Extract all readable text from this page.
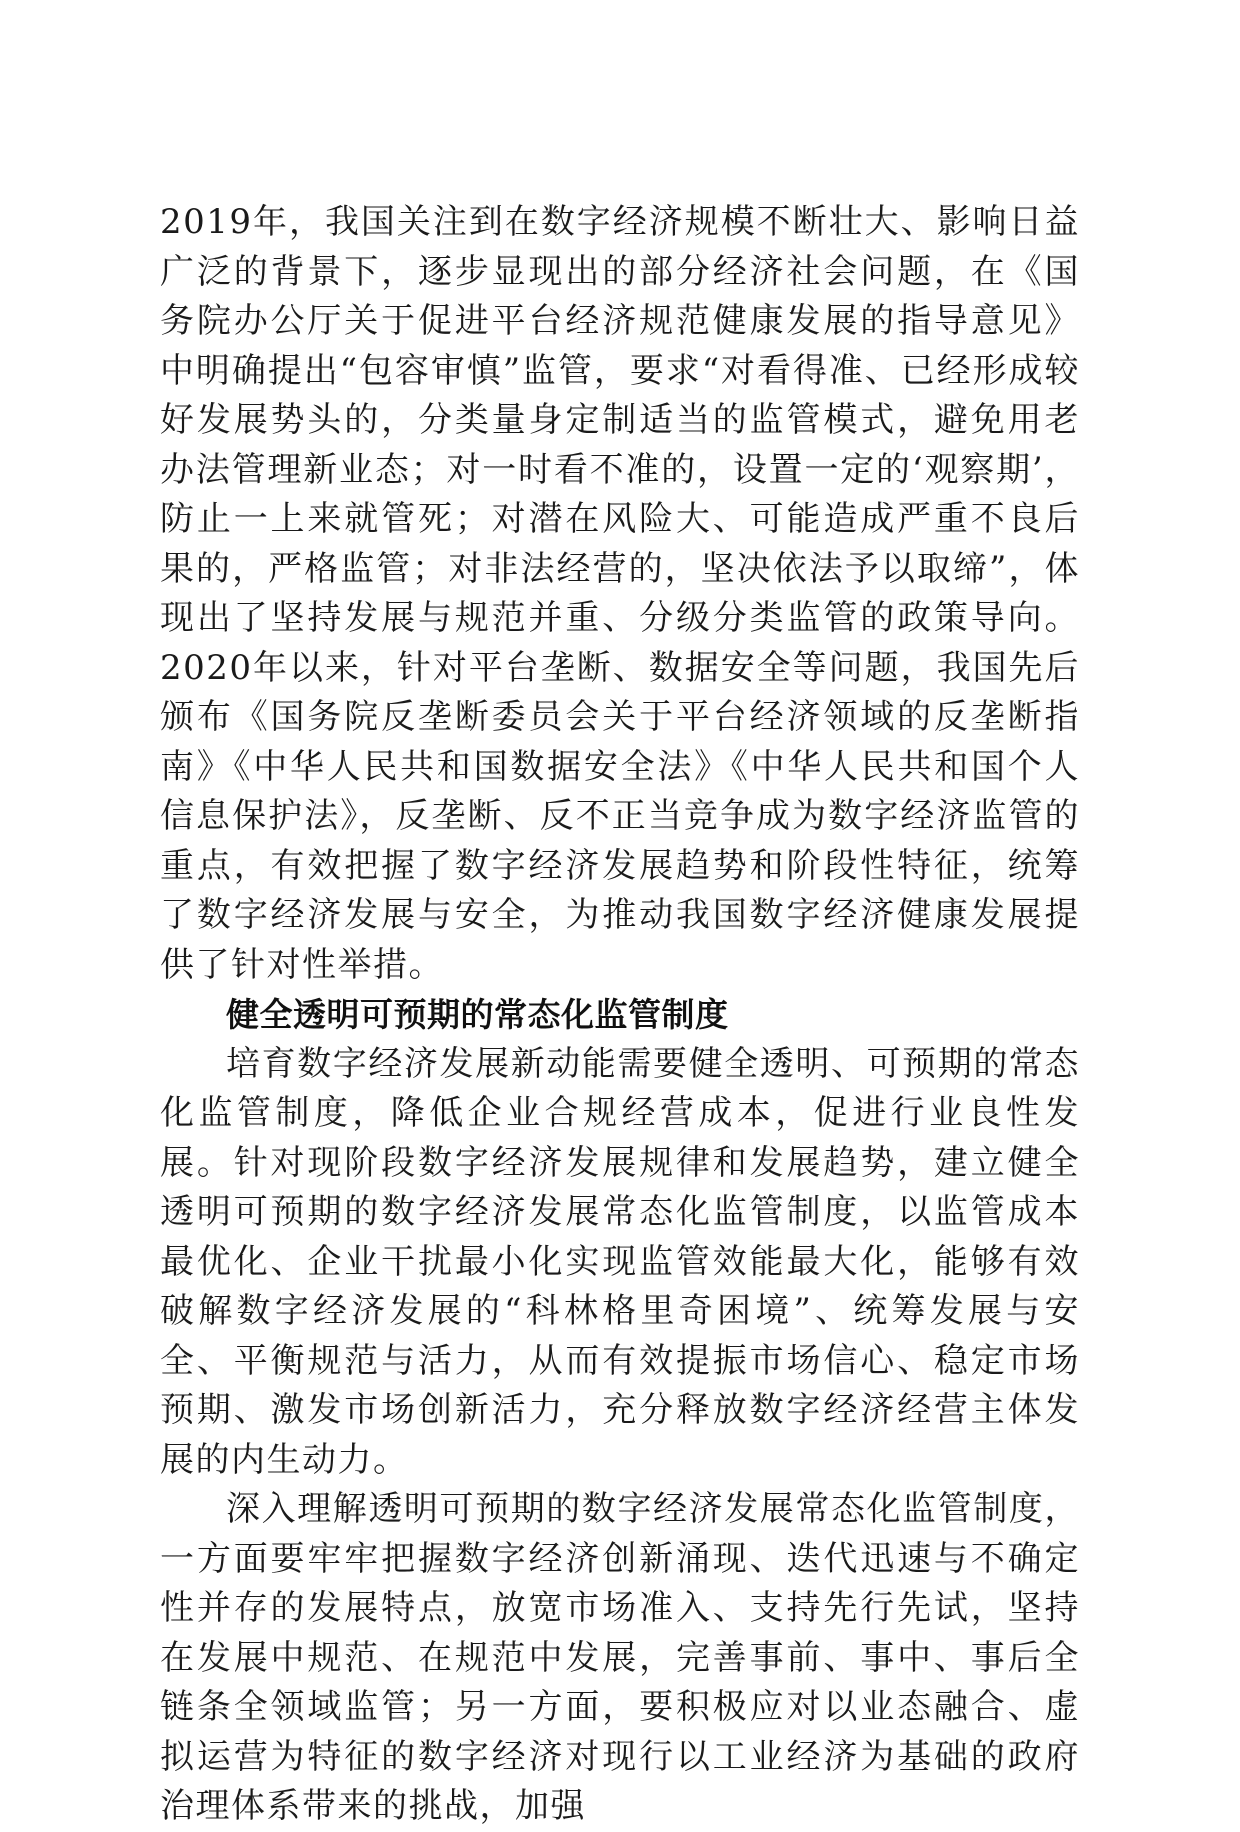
2019年，我国关注到在数字经济规模不断壮大、影响日益广泛的背景下，逐步显现出的部分经济社会问题，在《国务院办公厅关于促进平台经济规范健康发展的指导意见》中明确提出“包容审慎”监管，要求“对看得准、已经形成较好发展势头的，分类量身定制适当的监管模式，避免用老办法管理新业态；对一时看不准的，设置一定的‘观察期’，防止一上来就管死；对潜在风险大、可能造成严重不良后果的，严格监管；对非法经营的，坚决依法予以取缔”，体现出了坚持发展与规范并重、分级分类监管的政策导向。2020年以来，针对平台垄断、数据安全等问题，我国先后颁布《国务院反垄断委员会关于平台经济领域的反垄断指南》《中华人民共和国数据安全法》《中华人民共和国个人信息保护法》，反垄断、反不正当竞争成为数字经济监管的重点，有效把握了数字经济发展趋势和阶段性特征，统筹了数字经济发展与安全，为推动我国数字经济健康发展提供了针对性举措。

健全透明可预期的常态化监管制度

培育数字经济发展新动能需要健全透明、可预期的常态化监管制度，降低企业合规经营成本，促进行业良性发展。针对现阶段数字经济发展规律和发展趋势，建立健全透明可预期的数字经济发展常态化监管制度，以监管成本最优化、企业干扰最小化实现监管效能最大化，能够有效破解数字经济发展的“科林格里奇困境”、统筹发展与安全、平衡规范与活力，从而有效提振市场信心、稳定市场预期、激发市场创新活力，充分释放数字经济经营主体发展的内生动力。

深入理解透明可预期的数字经济发展常态化监管制度，一方面要牢牢把握数字经济创新涌现、迭代迅速与不确定性并存的发展特点，放宽市场准入、支持先行先试，坚持在发展中规范、在规范中发展，完善事前、事中、事后全链条全领域监管；另一方面，要积极应对以业态融合、虚拟运营为特征的数字经济对现行以工业经济为基础的政府治理体系带来的挑战，加强
